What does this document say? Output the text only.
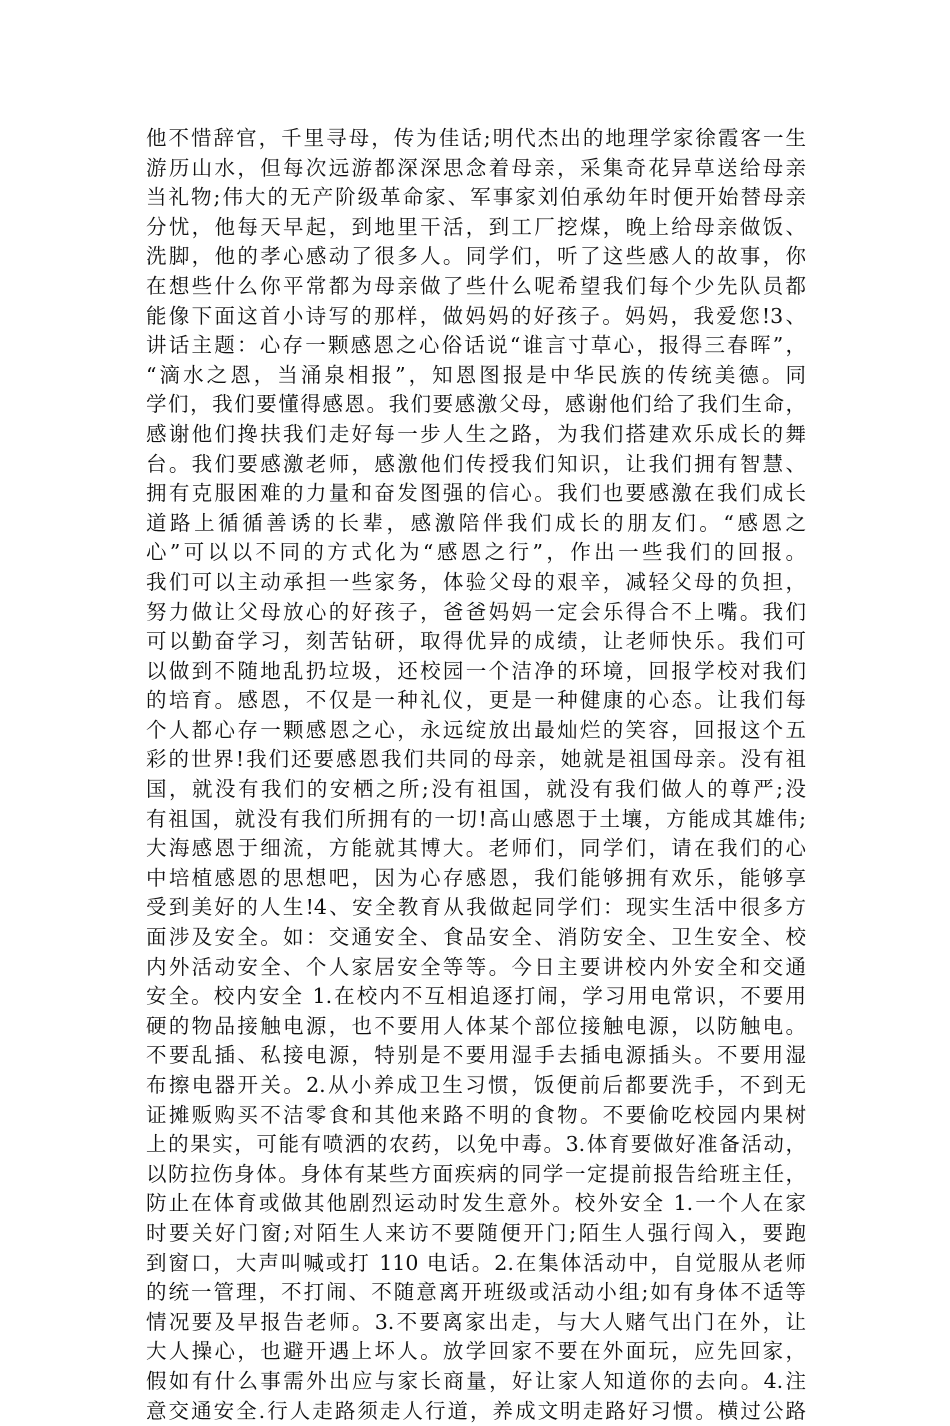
他不惜辞官，千里寻母，传为佳话;明代杰出的地理学家徐霞客一生
游历山水，但每次远游都深深思念着母亲，采集奇花异草送给母亲
当礼物;伟大的无产阶级革命家、军事家刘伯承幼年时便开始替母亲
分忧，他每天早起，到地里干活，到工厂挖煤，晚上给母亲做饭、
洗脚，他的孝心感动了很多人。同学们，听了这些感人的故事，你
在想些什么你平常都为母亲做了些什么呢希望我们每个少先队员都
能像下面这首小诗写的那样，做妈妈的好孩子。妈妈，我爱您!3、
讲话主题：心存一颗感恩之心俗话说“谁言寸草心，报得三春晖”，
“滴水之恩，当涌泉相报”，知恩图报是中华民族的传统美德。同
学们，我们要懂得感恩。我们要感激父母，感谢他们给了我们生命，
感谢他们搀扶我们走好每一步人生之路，为我们搭建欢乐成长的舞
台。我们要感激老师，感激他们传授我们知识，让我们拥有智慧、
拥有克服困难的力量和奋发图强的信心。我们也要感激在我们成长
道路上循循善诱的长辈，感激陪伴我们成长的朋友们。“感恩之
心”可以以不同的方式化为“感恩之行”，作出一些我们的回报。
我们可以主动承担一些家务，体验父母的艰辛，减轻父母的负担，
努力做让父母放心的好孩子，爸爸妈妈一定会乐得合不上嘴。我们
可以勤奋学习，刻苦钻研，取得优异的成绩，让老师快乐。我们可
以做到不随地乱扔垃圾，还校园一个洁净的环境，回报学校对我们
的培育。感恩，不仅是一种礼仪，更是一种健康的心态。让我们每
个人都心存一颗感恩之心，永远绽放出最灿烂的笑容，回报这个五
彩的世界!我们还要感恩我们共同的母亲，她就是祖国母亲。没有祖
国，就没有我们的安栖之所;没有祖国，就没有我们做人的尊严;没
有祖国，就没有我们所拥有的一切!高山感恩于土壤，方能成其雄伟;
大海感恩于细流，方能就其博大。老师们，同学们，请在我们的心
中培植感恩的思想吧，因为心存感恩，我们能够拥有欢乐，能够享
受到美好的人生!4、安全教育从我做起同学们：现实生活中很多方
面涉及安全。如：交通安全、食品安全、消防安全、卫生安全、校
内外活动安全、个人家居安全等等。今日主要讲校内外安全和交通
安全。校内安全 1.在校内不互相追逐打闹，学习用电常识，不要用
硬的物品接触电源，也不要用人体某个部位接触电源，以防触电。
不要乱插、私接电源，特别是不要用湿手去插电源插头。不要用湿
布擦电器开关。2.从小养成卫生习惯，饭便前后都要洗手，不到无
证摊贩购买不洁零食和其他来路不明的食物。不要偷吃校园内果树
上的果实，可能有喷洒的农药，以免中毒。3.体育要做好准备活动，
以防拉伤身体。身体有某些方面疾病的同学一定提前报告给班主任，
防止在体育或做其他剧烈运动时发生意外。校外安全 1.一个人在家
时要关好门窗;对陌生人来访不要随便开门;陌生人强行闯入，要跑
到窗口，大声叫喊或打 110 电话。2.在集体活动中，自觉服从老师
的统一管理，不打闹、不随意离开班级或活动小组;如有身体不适等
情况要及早报告老师。3.不要离家出走，与大人赌气出门在外，让
大人操心，也避开遇上坏人。放学回家不要在外面玩，应先回家，
假如有什么事需外出应与家长商量，好让家人知道你的去向。4.注
意交通安全.行人走路须走人行道，养成文明走路好习惯。横过公路
